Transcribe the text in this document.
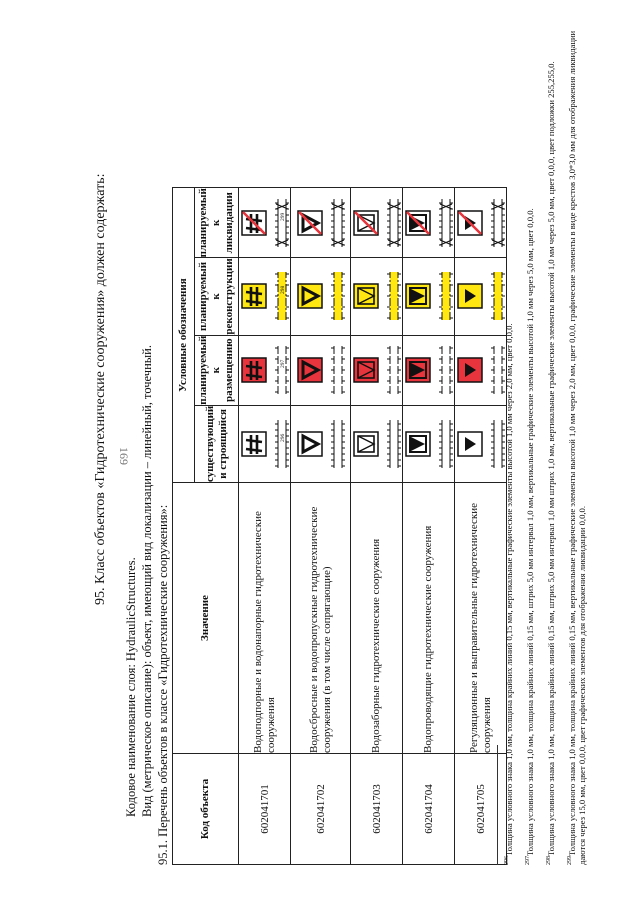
169
95. Класс объектов «Гидротехнические сооружения» должен содержать:
Кодовое наименование слоя: HydraulicStructures. Вид (метрическое описание): объект, имеющий вид локализации – линейный, точечный. 95.1. Перечень объектов в классе «Гидротехнические сооружения»:	Код объекта	Значение	Условные обозначения			
		существующий и строящийся	планируемый к размещению	планируемый к реконструкции	планируемый к ликвидации
602041701	Водоподпорные и водонапорные гидротехнические сооружения	296	297	298	299

602041702	Водосбросные и водопропускные гидротехнические сооружения (в том числе сопрягающие)	

602041703	Водозаборные гидротехнические сооружения	

602041704	Водопроводящие гидротехнические сооружения	

602041705	Регуляционные и выправительные гидротехнические сооружения	

$^{296}$Толщина условного знака 1,0 мм, толщина крайних линий 0,15 мм, вертикальные графические элементы высотой 1,0 мм через 2,0 мм, цвет 0,0,0.
$^{297}$Толщина условного знака 1,0 мм, толщина крайних линий 0,15 мм, штрих 5,0 мм интервал 1,0 мм, вертикальные графические элементы высотой 1,0 мм через 5,0 мм, цвет 0,0,0.
$^{298}$Толщина условного знака 1,0 мм, толщина крайних линий 0,15 мм, штрих 5,0 мм интервал 1,0 мм штрих 1,0 мм, вертикальные графические элементы высотой 1,0 мм через 5,0 мм, цвет 0,0,0, цвет подложки 255,255,0.
$^{299}$Толщина условного знака 1,0 мм, толщина крайних линий 0,15 мм, вертикальные графические элементы высотой 1,0 мм через 2,0 мм, цвет 0,0,0, графические элементы в виде крестов 3,0*3,0 мм для отображения ликвидации даются через 15,0 мм, цвет 0,0,0, цвет графических элементов для отображения ликвидации 0,0,0.
